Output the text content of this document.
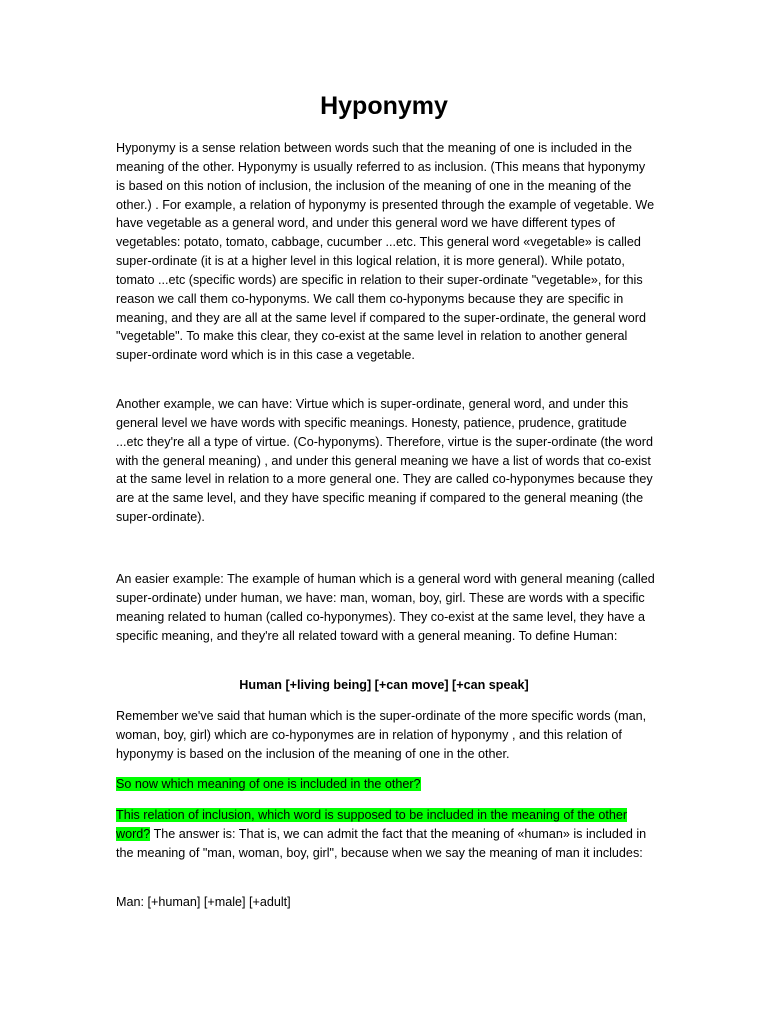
Hyponymy

Hyponymy is a sense relation between words such that the meaning of one is included in the meaning of the other. Hyponymy is usually referred to as inclusion. (This means that hyponymy is based on this notion of inclusion, the inclusion of the meaning of one in the meaning of the other.) . For example, a relation of hyponymy is presented through the example of vegetable. We have vegetable as a general word, and under this general word we have different types of vegetables: potato, tomato, cabbage, cucumber ...etc. This general word «vegetable» is called super-ordinate (it is at a higher level in this logical relation, it is more general). While potato, tomato ...etc (specific words) are specific in relation to their super-ordinate "vegetable», for this reason we call them co-hyponyms. We call them co-hyponyms because they are specific in meaning, and they are all at the same level if compared to the super-ordinate, the general word "vegetable". To make this clear, they co-exist at the same level in relation to another general super-ordinate word which is in this case a vegetable.

Another example, we can have: Virtue which is super-ordinate, general word, and under this general level we have words with specific meanings. Honesty, patience, prudence, gratitude ...etc they're all a type of virtue. (Co-hyponyms). Therefore, virtue is the super-ordinate (the word with the general meaning) , and under this general meaning we have a list of words that co-exist at the same level in relation to a more general one. They are called co-hyponymes because they are at the same level, and they have specific meaning if compared to the general meaning (the super-ordinate).

An easier example: The example of human which is a general word with general meaning (called super-ordinate) under human, we have: man, woman, boy, girl. These are words with a specific meaning related to human (called co-hyponymes). They co-exist at the same level, they have a specific meaning, and they're all related toward with a general meaning. To define Human:

Human [+living being] [+can move] [+can speak]

Remember we've said that human which is the super-ordinate of the more specific words (man, woman, boy, girl) which are co-hyponymes are in relation of hyponymy , and this relation of hyponymy is based on the inclusion of the meaning of one in the other.

So now which meaning of one is included in the other?

This relation of inclusion, which word is supposed to be included in the meaning of the other word? The answer is: That is, we can admit the fact that the meaning of «human» is included in the meaning of "man, woman, boy, girl", because when we say the meaning of man it includes:

Man: [+human] [+male] [+adult]
